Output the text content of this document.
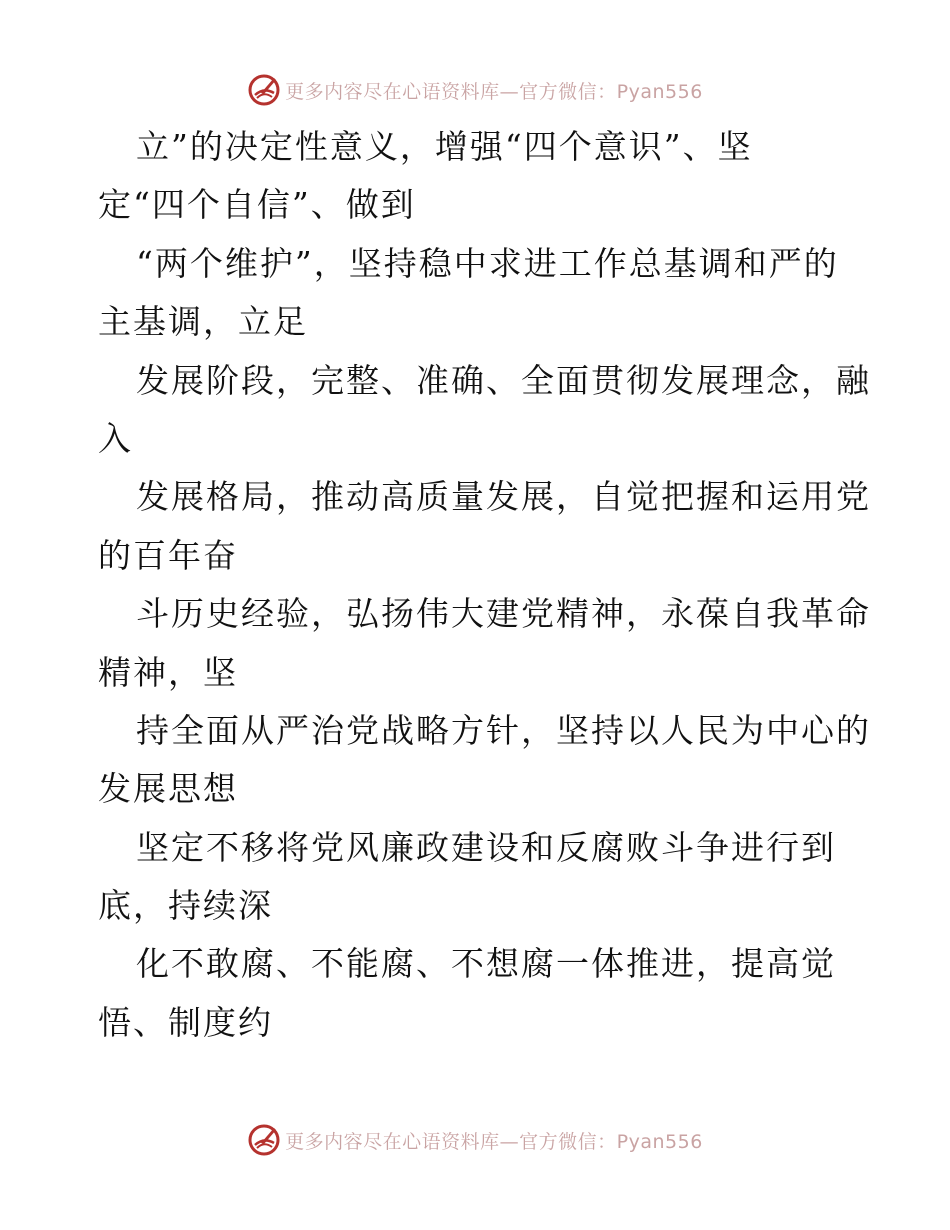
更多内容尽在心语资料库—官方微信：Pyan556
立”的决定性意义，增强“四个意识”、坚
定“四个自信”、做到
“两个维护”，坚持稳中求进工作总基调和严的
主基调，立足
发展阶段，完整、准确、全面贯彻发展理念，融
入
发展格局，推动高质量发展，自觉把握和运用党
的百年奋
斗历史经验，弘扬伟大建党精神，永葆自我革命
精神，坚
持全面从严治党战略方针，坚持以人民为中心的
发展思想
坚定不移将党风廉政建设和反腐败斗争进行到
底，持续深
化不敢腐、不能腐、不想腐一体推进，提高觉
悟、制度约
更多内容尽在心语资料库—官方微信：Pyan556
